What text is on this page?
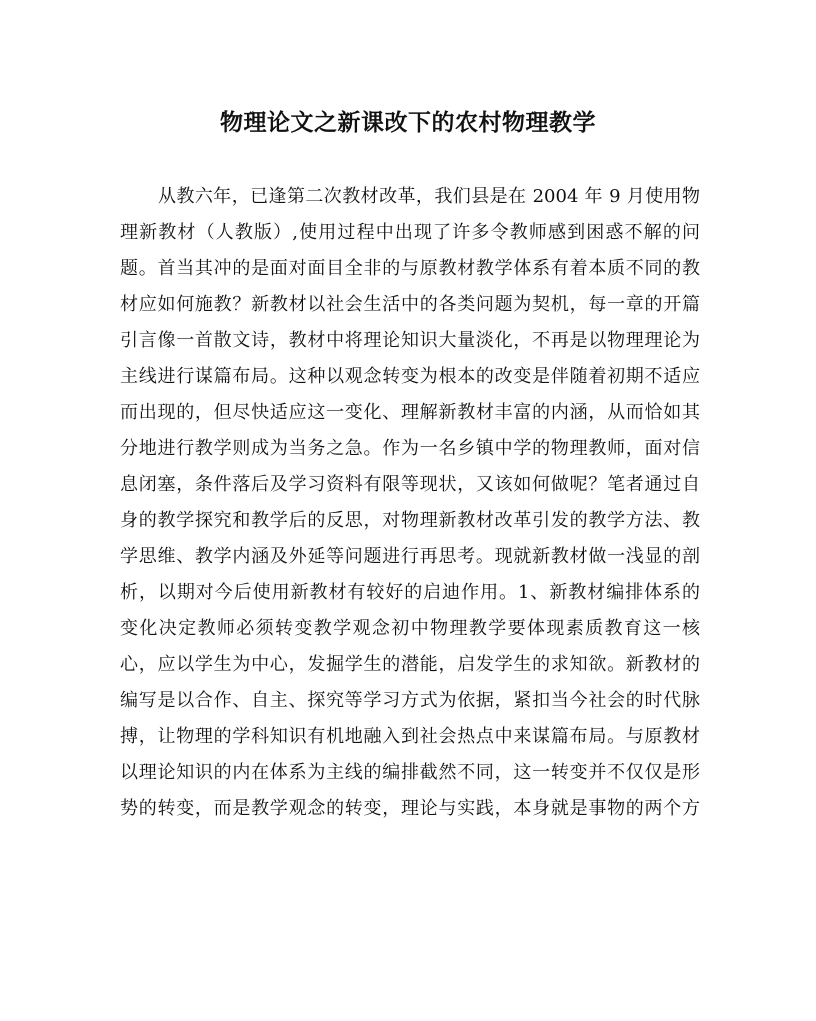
物理论文之新课改下的农村物理教学
从教六年，已逢第二次教材改革，我们县是在 2004 年 9 月使用物
理新教材（人教版）,使用过程中出现了许多令教师感到困惑不解的问
题。首当其冲的是面对面目全非的与原教材教学体系有着本质不同的教
材应如何施教？新教材以社会生活中的各类问题为契机，每一章的开篇
引言像一首散文诗，教材中将理论知识大量淡化，不再是以物理理论为
主线进行谋篇布局。这种以观念转变为根本的改变是伴随着初期不适应
而出现的，但尽快适应这一变化、理解新教材丰富的内涵，从而恰如其
分地进行教学则成为当务之急。作为一名乡镇中学的物理教师，面对信
息闭塞，条件落后及学习资料有限等现状，又该如何做呢？笔者通过自
身的教学探究和教学后的反思，对物理新教材改革引发的教学方法、教
学思维、教学内涵及外延等问题进行再思考。现就新教材做一浅显的剖
析，以期对今后使用新教材有较好的启迪作用。1、新教材编排体系的
变化决定教师必须转变教学观念初中物理教学要体现素质教育这一核
心，应以学生为中心，发掘学生的潜能，启发学生的求知欲。新教材的
编写是以合作、自主、探究等学习方式为依据，紧扣当今社会的时代脉
搏，让物理的学科知识有机地融入到社会热点中来谋篇布局。与原教材
以理论知识的内在体系为主线的编排截然不同，这一转变并不仅仅是形
势的转变，而是教学观念的转变，理论与实践，本身就是事物的两个方
